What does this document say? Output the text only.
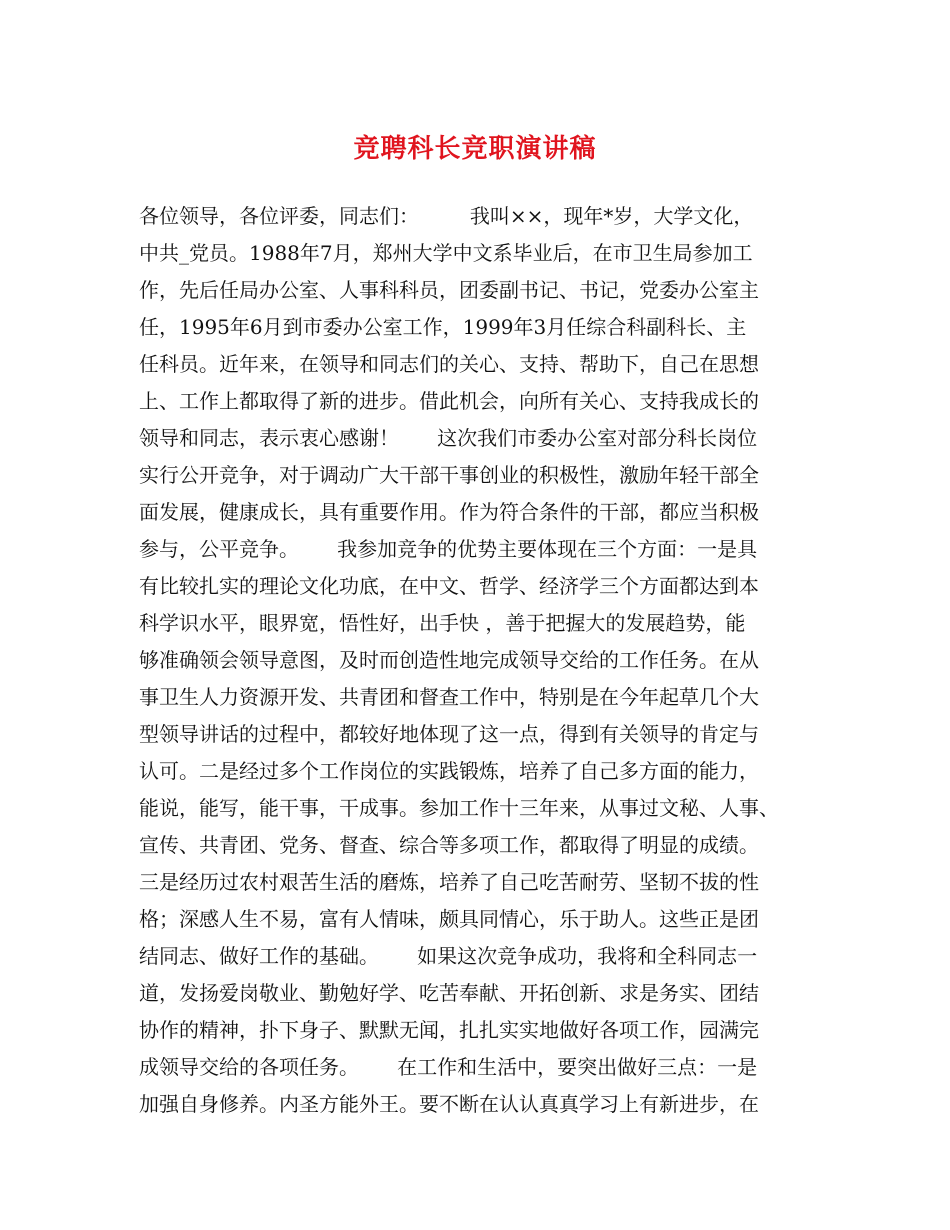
竞聘科长竞职演讲稿
各位领导，各位评委，同志们：        我叫××，现年*岁，大学文化，
中共_党员。1988年7月，郑州大学中文系毕业后，在市卫生局参加工
作，先后任局办公室、人事科科员，团委副书记、书记，党委办公室主
任，1995年6月到市委办公室工作，1999年3月任综合科副科长、主
任科员。近年来，在领导和同志们的关心、支持、帮助下，自己在思想
上、工作上都取得了新的进步。借此机会，向所有关心、支持我成长的
领导和同志，表示衷心感谢！      这次我们市委办公室对部分科长岗位
实行公开竞争，对于调动广大干部干事创业的积极性，激励年轻干部全
面发展，健康成长，具有重要作用。作为符合条件的干部，都应当积极
参与，公平竞争。      我参加竞争的优势主要体现在三个方面：一是具
有比较扎实的理论文化功底，在中文、哲学、经济学三个方面都达到本
科学识水平，眼界宽，悟性好，出手快 ，善于把握大的发展趋势，能
够准确领会领导意图，及时而创造性地完成领导交给的工作任务。在从
事卫生人力资源开发、共青团和督查工作中，特别是在今年起草几个大
型领导讲话的过程中，都较好地体现了这一点，得到有关领导的肯定与
认可。二是经过多个工作岗位的实践锻炼，培养了自己多方面的能力，
能说，能写，能干事，干成事。参加工作十三年来，从事过文秘、人事、
宣传、共青团、党务、督查、综合等多项工作，都取得了明显的成绩。
三是经历过农村艰苦生活的磨炼，培养了自己吃苦耐劳、坚韧不拔的性
格；深感人生不易，富有人情味，颇具同情心，乐于助人。这些正是团
结同志、做好工作的基础。      如果这次竞争成功，我将和全科同志一
道，发扬爱岗敬业、勤勉好学、吃苦奉献、开拓创新、求是务实、团结
协作的精神，扑下身子、默默无闻，扎扎实实地做好各项工作，园满完
成领导交给的各项任务。      在工作和生活中，要突出做好三点：一是
加强自身修养。内圣方能外王。要不断在认认真真学习上有新进步，在
